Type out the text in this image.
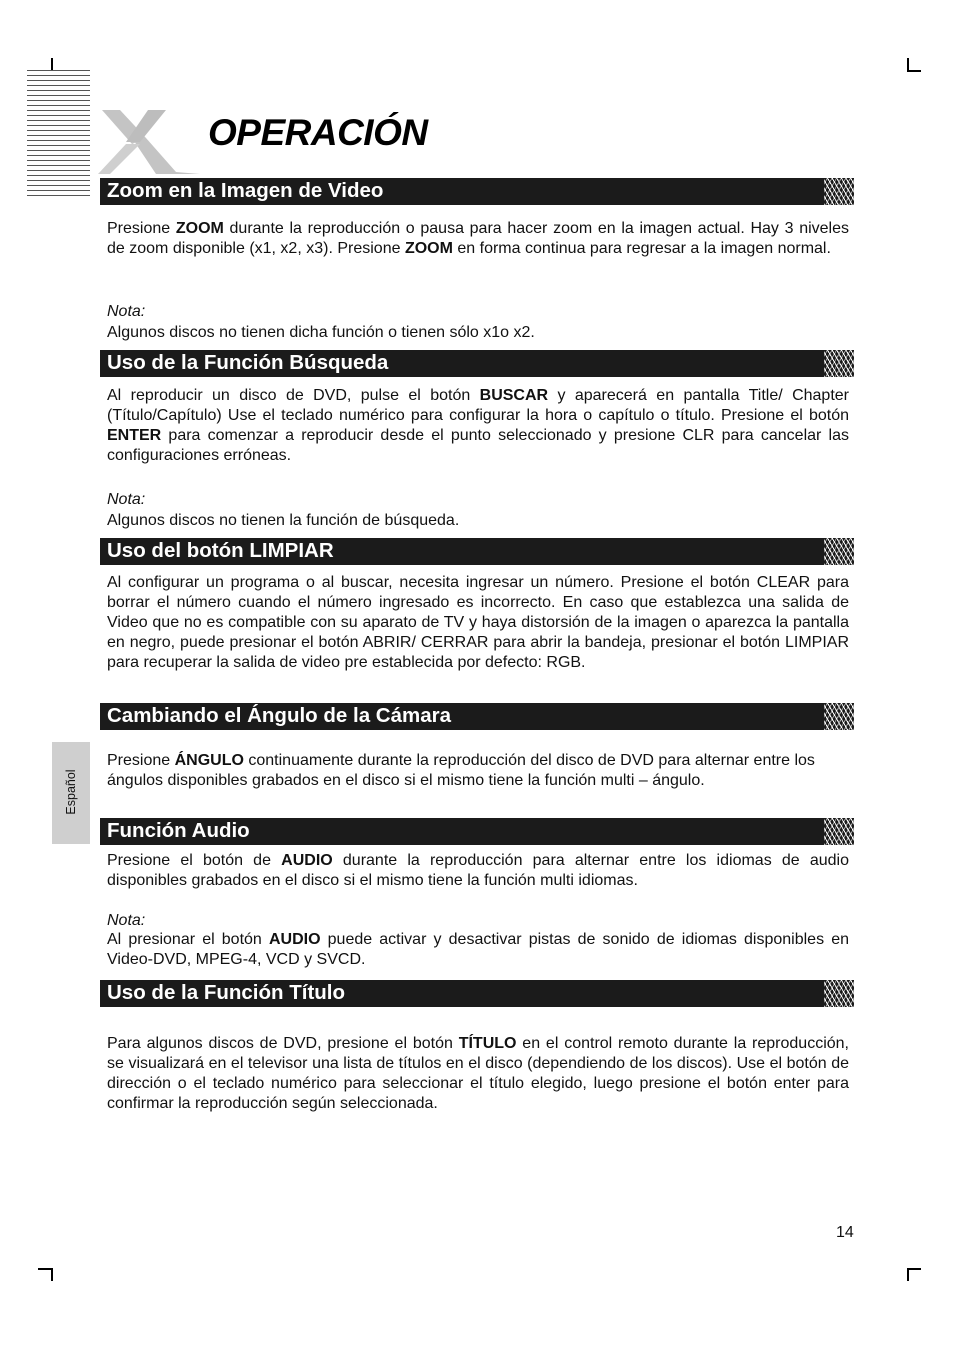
OPERACIÓN
Español
Zoom en la Imagen de Video

Presione ZOOM durante la reproducción o pausa para hacer zoom en la imagen actual. Hay 3 niveles de zoom disponible (x1, x2, x3). Presione ZOOM en forma continua para regresar a la imagen normal.

Nota:

Algunos discos no tienen dicha función o tienen sólo x1o x2.

Uso de la Función Búsqueda

Al reproducir un disco de DVD, pulse el botón BUSCAR y aparecerá en pantalla Title/ Chapter (Título/Capítulo) Use el teclado numérico para configurar la hora o capítulo o título. Presione el botón ENTER para comenzar a reproducir desde el punto seleccionado y presione CLR para cancelar las configuraciones erróneas.

Nota:

Algunos discos no tienen la función de búsqueda.

Uso del botón LIMPIAR

Al configurar un programa o al buscar, necesita ingresar un número. Presione el botón CLEAR para borrar el número cuando el número ingresado es incorrecto. En caso que establezca una salida de Video que no es compatible con su aparato de TV y haya distorsión de la imagen o aparezca la pantalla en negro, puede presionar el botón ABRIR/ CERRAR para abrir la bandeja, presionar el botón LIMPIAR para recuperar la salida de video pre establecida por defecto: RGB.

Cambiando el Ángulo de la Cámara

Presione ÁNGULO continuamente durante la reproducción del disco de DVD para alternar entre los ángulos disponibles grabados en el disco si el mismo tiene la función multi – ángulo.

Función Audio

Presione el botón de AUDIO durante la reproducción para alternar entre los idiomas de audio disponibles grabados en el disco si el mismo tiene la función multi idiomas.

Nota:

Al presionar el botón AUDIO puede activar y desactivar pistas de sonido de idiomas disponibles en Video-DVD, MPEG-4, VCD y SVCD.

Uso de la Función Título

Para algunos discos de DVD, presione el botón TÍTULO en el control remoto durante la reproducción, se visualizará en el televisor una lista de títulos en el disco (dependiendo de los discos). Use el botón de dirección o el teclado numérico para seleccionar el título elegido, luego presione el botón enter para confirmar la reproducción según seleccionada.

14
